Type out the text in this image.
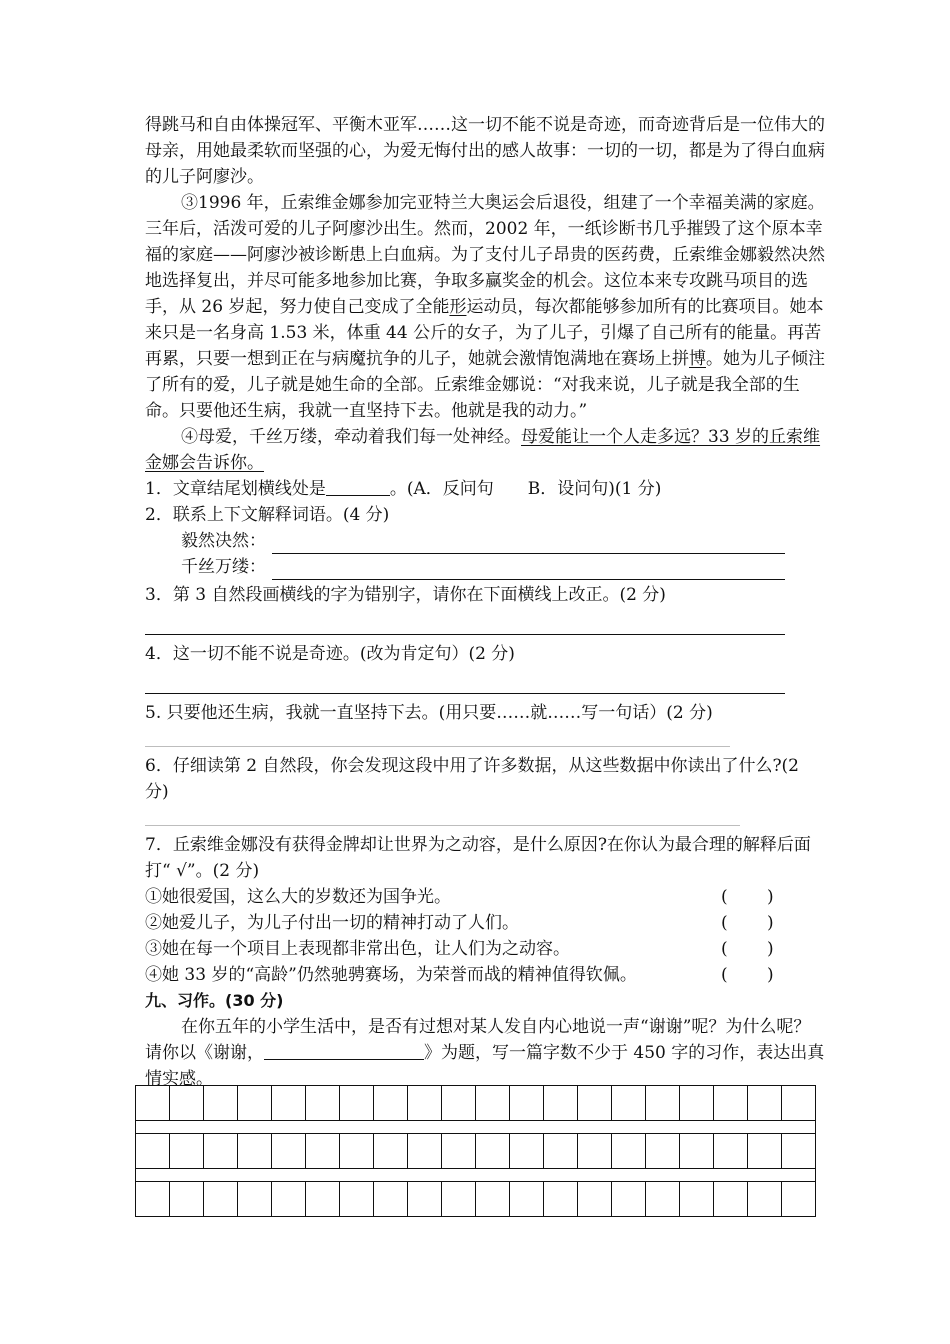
得跳马和自由体操冠军、平衡木亚军……这一切不能不说是奇迹，而奇迹背后是一位伟大的母亲，用她最柔软而坚强的心，为爱无悔付出的感人故事：一切的一切，都是为了得白血病的儿子阿廖沙。

③1996 年，丘索维金娜参加完亚特兰大奥运会后退役，组建了一个幸福美满的家庭。三年后，活泼可爱的儿子阿廖沙出生。然而，2002 年，一纸诊断书几乎摧毁了这个原本幸福的家庭——阿廖沙被诊断患上白血病。为了支付儿子昂贵的医药费，丘索维金娜毅然决然地选择复出，并尽可能多地参加比赛，争取多赢奖金的机会。这位本来专攻跳马项目的选手，从 26 岁起，努力使自己变成了全能形运动员，每次都能够参加所有的比赛项目。她本来只是一名身高 1.53 米，体重 44 公斤的女子，为了儿子，引爆了自己所有的能量。再苦再累，只要一想到正在与病魔抗争的儿子，她就会激情饱满地在赛场上拼博。她为儿子倾注了所有的爱，儿子就是她生命的全部。丘索维金娜说：“对我来说，儿子就是我全部的生命。只要他还生病，我就一直坚持下去。他就是我的动力。”

④母爱，千丝万缕，牵动着我们每一处神经。母爱能让一个人走多远？33 岁的丘索维金娜会告诉你。

1．文章结尾划横线处是	。(A．反问句　　B．设问句)(1 分)

2．联系上下文解释词语。(4 分)

毅然决然：
千丝万缕：

3．第 3 自然段画横线的字为错别字，请你在下面横线上改正。(2 分)

4．这一切不能不说是奇迹。(改为肯定句）(2 分)

5. 只要他还生病，我就一直坚持下去。(用只要……就……写一句话）(2 分)

6．仔细读第 2 自然段，你会发现这段中用了许多数据，从这些数据中你读出了什么?(2 分)

7．丘索维金娜没有获得金牌却让世界为之动容，是什么原因?在你认为最合理的解释后面打“ √”。(2 分)

①她很爱国，这么大的岁数还为国争光。	(　　 )
②她爱儿子，为儿子付出一切的精神打动了人们。	(　　 )
③她在每一个项目上表现都非常出色，让人们为之动容。	(　　 )
④她 33 岁的“高龄”仍然驰骋赛场，为荣誉而战的精神值得钦佩。	(　　 )

九、习作。(30 分)

在你五年的小学生活中，是否有过想对某人发自内心地说一声“谢谢”呢？为什么呢？请你以《谢谢，	》为题，写一篇字数不少于 450 字的习作，表达出真情实感。
